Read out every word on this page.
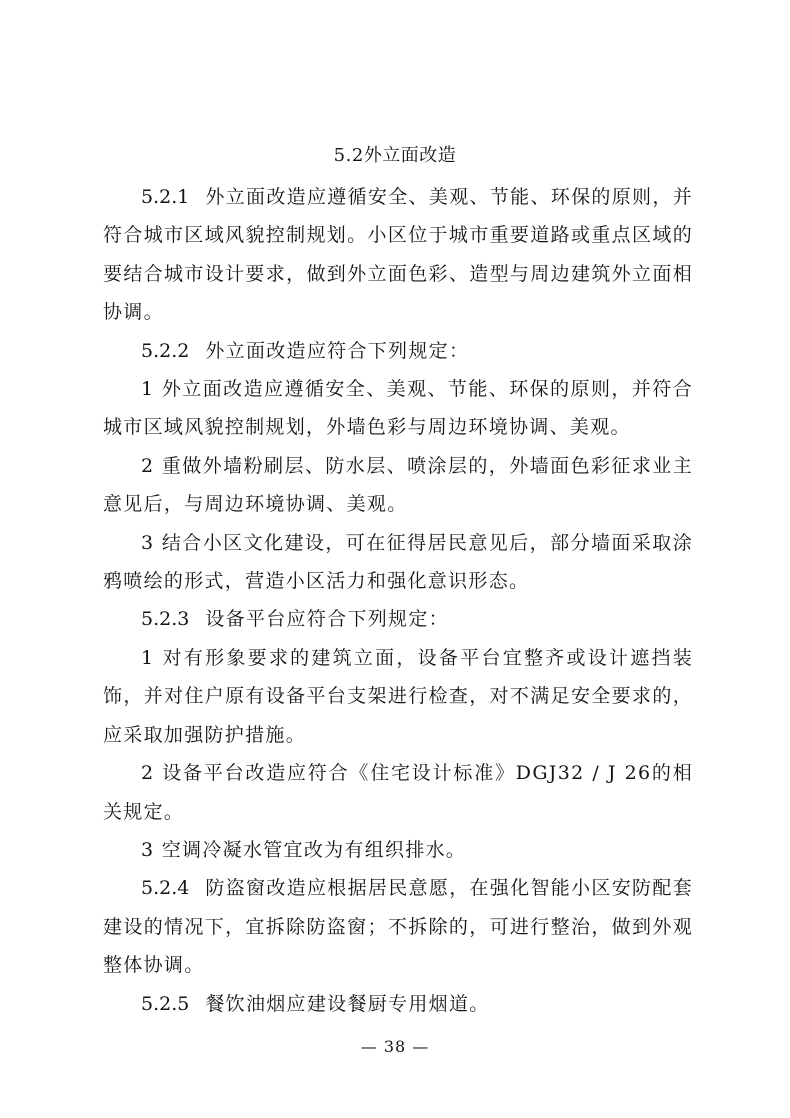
5.2外立面改造

5.2.1 外立面改造应遵循安全、美观、节能、环保的原则，并符合城市区域风貌控制规划。小区位于城市重要道路或重点区域的要结合城市设计要求，做到外立面色彩、造型与周边建筑外立面相协调。

5.2.2 外立面改造应符合下列规定：

1 外立面改造应遵循安全、美观、节能、环保的原则，并符合城市区域风貌控制规划，外墙色彩与周边环境协调、美观。

2 重做外墙粉刷层、防水层、喷涂层的，外墙面色彩征求业主意见后，与周边环境协调、美观。

3 结合小区文化建设，可在征得居民意见后，部分墙面采取涂鸦喷绘的形式，营造小区活力和强化意识形态。

5.2.3 设备平台应符合下列规定：

1 对有形象要求的建筑立面，设备平台宜整齐或设计遮挡装饰，并对住户原有设备平台支架进行检查，对不满足安全要求的，应采取加强防护措施。

2 设备平台改造应符合《住宅设计标准》DGJ32 / J 26的相关规定。

3 空调冷凝水管宜改为有组织排水。

5.2.4 防盗窗改造应根据居民意愿，在强化智能小区安防配套建设的情况下，宜拆除防盗窗；不拆除的，可进行整治，做到外观整体协调。

5.2.5 餐饮油烟应建设餐厨专用烟道。

— 38 —
